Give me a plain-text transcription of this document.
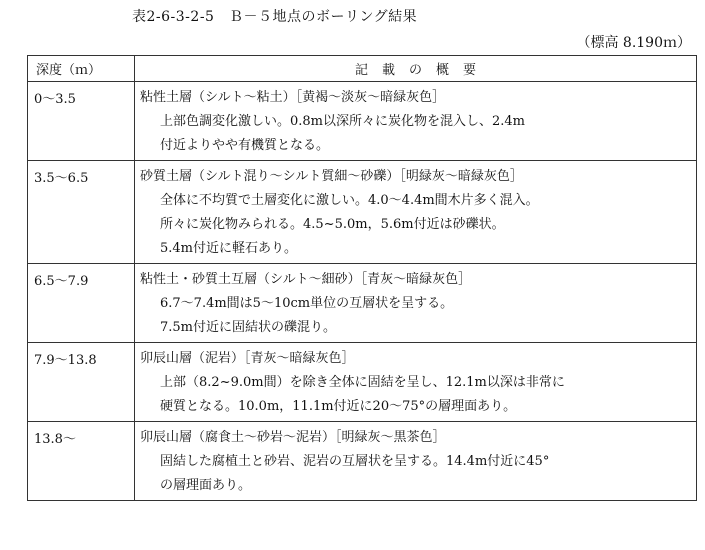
表2-6-3-2-5　Ｂ－５地点のボーリング結果
（標高 8.190ｍ）
深度（ｍ）	記載の概要
0〜3.5	粘性土層（シルト〜粘土）［黄褐〜淡灰〜暗緑灰色］
上部色調変化激しい。0.8m以深所々に炭化物を混入し、2.4m
付近よりやや有機質となる。

3.5〜6.5	砂質土層（シルト混り〜シルト質細〜砂礫）［明緑灰〜暗緑灰色］
全体に不均質で土層変化に激しい。4.0〜4.4m間木片多く混入。
所々に炭化物みられる。4.5~5.0m，5.6m付近は砂礫状。
5.4m付近に軽石あり。

6.5〜7.9	粘性土・砂質土互層（シルト〜細砂）［青灰〜暗緑灰色］
6.7〜7.4m間は5〜10cm単位の互層状を呈する。
7.5m付近に固結状の礫混り。

7.9〜13.8	卯辰山層（泥岩）［青灰〜暗緑灰色］
上部（8.2~9.0m間）を除き全体に固結を呈し、12.1m以深は非常に
硬質となる。10.0m，11.1m付近に20〜75°の層理面あり。

13.8〜	卯辰山層（腐食土〜砂岩〜泥岩）［明緑灰〜黒茶色］
固結した腐植土と砂岩、泥岩の互層状を呈する。14.4m付近に45°
の層理面あり。
